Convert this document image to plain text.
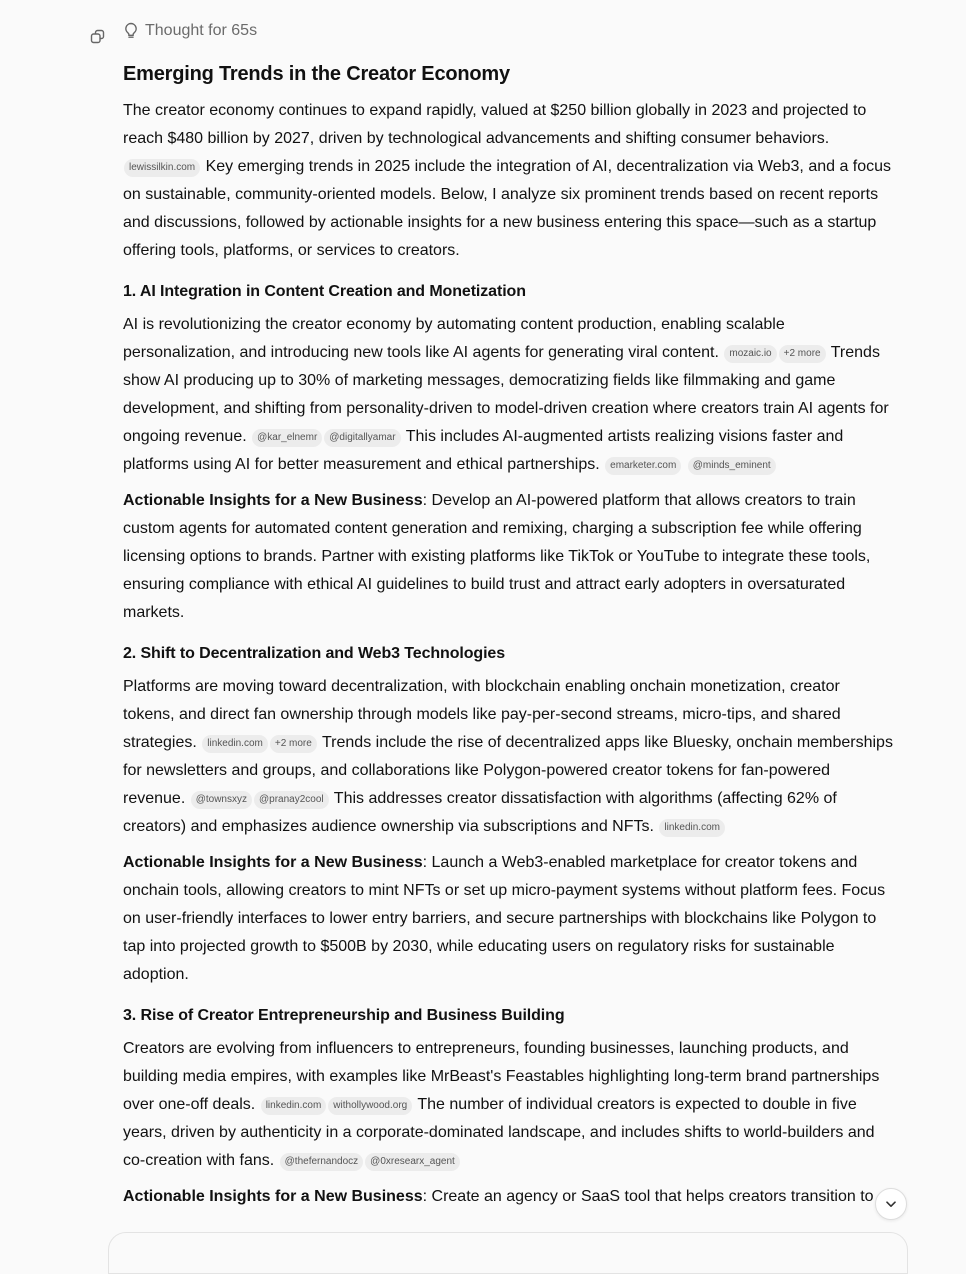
Thought for 65s
Emerging Trends in the Creator Economy

The creator economy continues to expand rapidly, valued at $250 billion globally in 2023 and projected to reach $480 billion by 2027, driven by technological advancements and shifting consumer behaviors. lewissilkin.com Key emerging trends in 2025 include the integration of AI, decentralization via Web3, and a focus on sustainable, community-oriented models. Below, I analyze six prominent trends based on recent reports and discussions, followed by actionable insights for a new business entering this space—such as a startup offering tools, platforms, or services to creators.

1. AI Integration in Content Creation and Monetization

AI is revolutionizing the creator economy by automating content production, enabling scalable personalization, and introducing new tools like AI agents for generating viral content. mozaic.io +2 more Trends show AI producing up to 30% of marketing messages, democratizing fields like filmmaking and game development, and shifting from personality-driven to model-driven creation where creators train AI agents for ongoing revenue. @kar_elnemr @digitallyamar This includes AI-augmented artists realizing visions faster and platforms using AI for better measurement and ethical partnerships. emarketer.com @minds_eminent

Actionable Insights for a New Business: Develop an AI-powered platform that allows creators to train custom agents for automated content generation and remixing, charging a subscription fee while offering licensing options to brands. Partner with existing platforms like TikTok or YouTube to integrate these tools, ensuring compliance with ethical AI guidelines to build trust and attract early adopters in oversaturated markets.

2. Shift to Decentralization and Web3 Technologies

Platforms are moving toward decentralization, with blockchain enabling onchain monetization, creator tokens, and direct fan ownership through models like pay-per-second streams, micro-tips, and shared strategies. linkedin.com +2 more Trends include the rise of decentralized apps like Bluesky, onchain memberships for newsletters and groups, and collaborations like Polygon-powered creator tokens for fan-powered revenue. @townsxyz @pranay2cool This addresses creator dissatisfaction with algorithms (affecting 62% of creators) and emphasizes audience ownership via subscriptions and NFTs. linkedin.com

Actionable Insights for a New Business: Launch a Web3-enabled marketplace for creator tokens and onchain tools, allowing creators to mint NFTs or set up micro-payment systems without platform fees. Focus on user-friendly interfaces to lower entry barriers, and secure partnerships with blockchains like Polygon to tap into projected growth to $500B by 2030, while educating users on regulatory risks for sustainable adoption.

3. Rise of Creator Entrepreneurship and Business Building

Creators are evolving from influencers to entrepreneurs, founding businesses, launching products, and building media empires, with examples like MrBeast's Feastables highlighting long-term brand partnerships over one-off deals. linkedin.com withollywood.org The number of individual creators is expected to double in five years, driven by authenticity in a corporate-dominated landscape, and includes shifts to world-builders and co-creation with fans. @thefernandocz @0xresearx_agent

Actionable Insights for a New Business: Create an agency or SaaS tool that helps creators transition to
